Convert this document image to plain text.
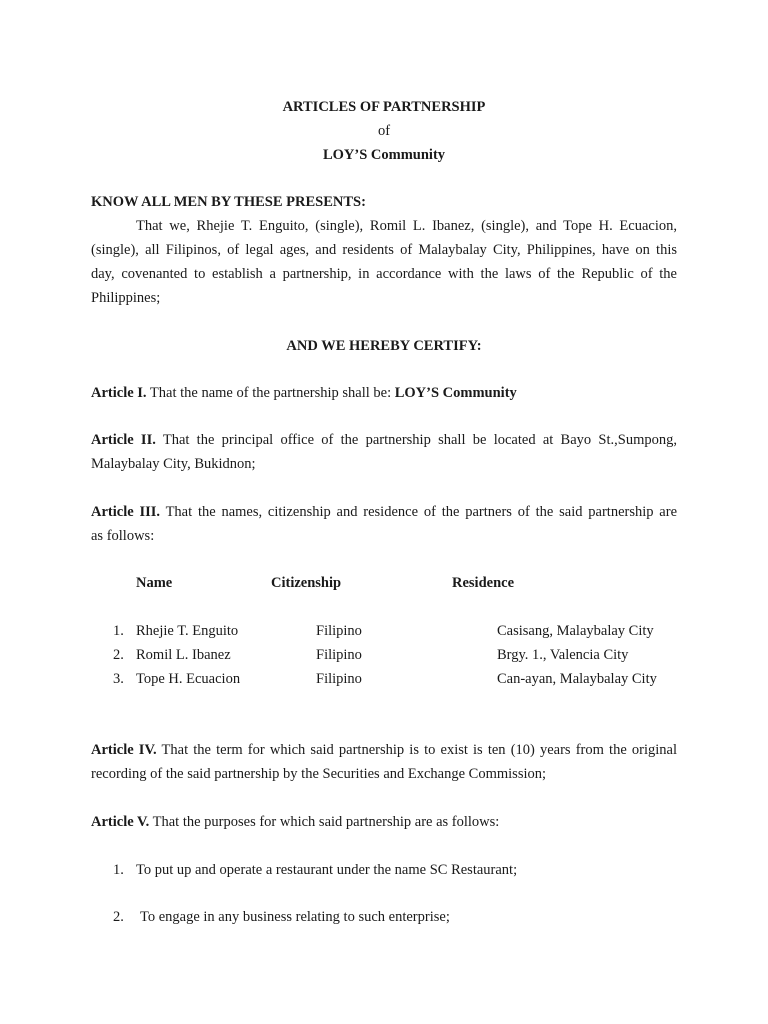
ARTICLES OF PARTNERSHIP
of
LOY’S Community
KNOW ALL MEN BY THESE PRESENTS:
That we, Rhejie T. Enguito, (single), Romil L. Ibanez, (single), and Tope H. Ecuacion,
(single), all Filipinos, of legal ages, and residents of Malaybalay City, Philippines, have on this
day, covenanted to establish a partnership, in accordance with the laws of the Republic of the
Philippines;
AND WE HEREBY CERTIFY:
Article I. That the name of the partnership shall be: LOY’S Community
Article II. That the principal office of the partnership shall be located at Bayo St.,Sumpong,
Malaybalay City, Bukidnon;
Article III. That the names, citizenship and residence of the partners of the said partnership are
as follows:
Name	Citizenship	Residence
1. Rhejie T. Enguito	Filipino	Casisang, Malaybalay City
2. Romil L. Ibanez	Filipino	Brgy. 1., Valencia City
3. Tope H. Ecuacion	Filipino	Can-ayan, Malaybalay City
Article IV. That the term for which said partnership is to exist is ten (10) years from the original
recording of the said partnership by the Securities and Exchange Commission;
Article V. That the purposes for which said partnership are as follows:
1. To put up and operate a restaurant under the name SC Restaurant;
2. To engage in any business relating to such enterprise;
